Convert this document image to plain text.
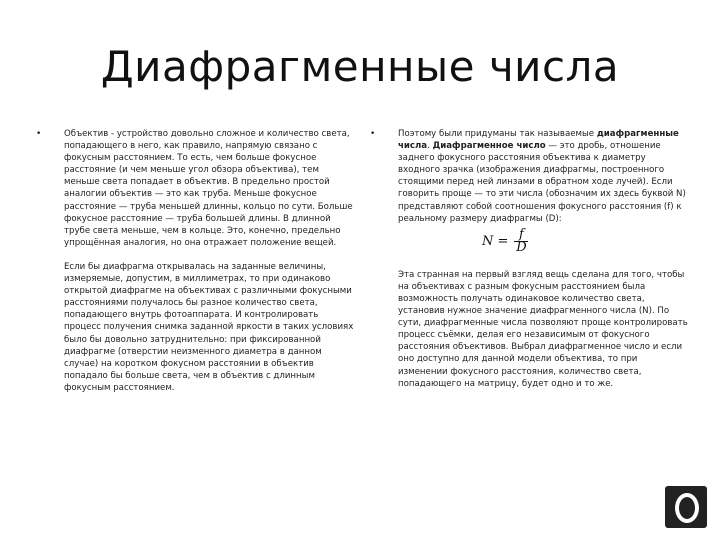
Диафрагменные числа
•	Объектив - устройство довольно сложное и количество света, попадающего в него, как правило, напрямую связано с фокусным расстоянием. То есть, чем больше фокусное расстояние (и чем меньше угол обзора объектива), тем меньше света попадает в объектив. В предельно простой аналогии объектив — это как труба. Меньше фокусное расстояние — труба меньшей длинны, кольцо по сути. Больше фокусное расстояние — труба большей длины. В длинной трубе света меньше, чем в кольце. Это, конечно, предельно упрощённая аналогия, но она отражает положение вещей.

Если бы диафрагма открывалась на заданные величины, измеряемые, допустим, в миллиметрах, то при одинаково открытой диафрагме на объективах с различными фокусными расстояниями получалось бы разное количество света, попадающего внутрь фотоаппарата. И контролировать процесс получения снимка заданной яркости в таких условиях было бы довольно затруднительно: при фиксированной диафрагме (отверстии неизменного диаметра в данном случае) на коротком фокусном расстоянии в объектив попадало бы больше света, чем в объектив с длинным фокусным расстоянием.

•	Поэтому были придуманы так называемые диафрагменные числа. Диафрагменное число — это дробь, отношение заднего фокусного расстояния объектива к диаметру входного зрачка (изображения диафрагмы, построенного стоящими перед ней линзами в обратном ходе лучей). Если говорить проще — то эти числа (обозначим их здесь буквой N) представляют собой соотношения фокусного расстояния (f) к реальному размеру диафрагмы (D):

$N = \frac{f}{D}$

Эта странная на первый взгляд вещь сделана для того, чтобы на объективах с разным фокусным расстоянием была возможность получать одинаковое количество света, установив нужное значение диафрагменного числа (N). По сути, диафрагменные числа позволяют проще контролировать процесс съёмки, делая его независимым от фокусного расстояния объективов. Выбрал диафрагменное число и если оно доступно для данной модели объектива, то при изменении фокусного расстояния, количество света, попадающего на матрицу, будет одно и то же.
